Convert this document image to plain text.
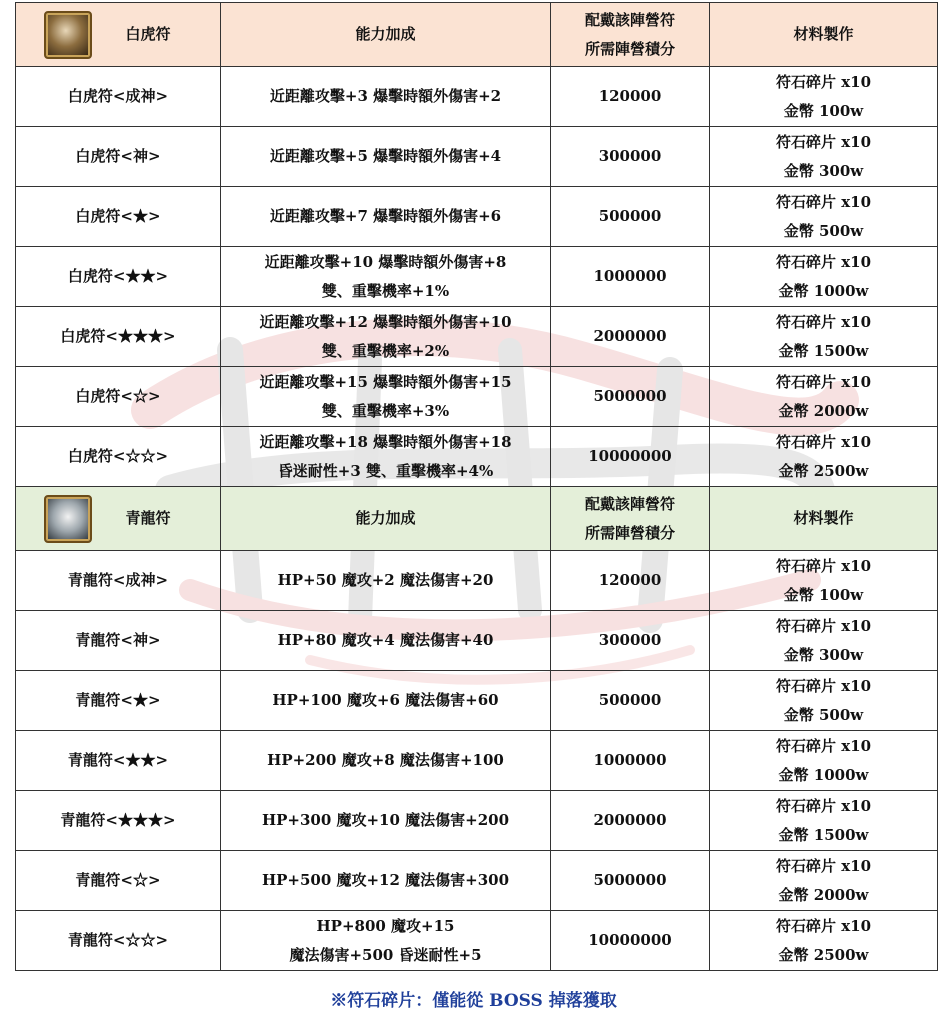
白虎符	能力加成	配戴該陣營符
所需陣營積分	材料製作
白虎符<成神>	近距離攻擊+3 爆擊時額外傷害+2	120000	符石碎片 x10
金幣 100w

白虎符<神>	近距離攻擊+5 爆擊時額外傷害+4	300000	符石碎片 x10
金幣 300w

白虎符<★>	近距離攻擊+7 爆擊時額外傷害+6	500000	符石碎片 x10
金幣 500w

白虎符<★★>	近距離攻擊+10 爆擊時額外傷害+8
雙、重擊機率+1%	1000000	符石碎片 x10
金幣 1000w

白虎符<★★★>	近距離攻擊+12 爆擊時額外傷害+10
雙、重擊機率+2%	2000000	符石碎片 x10
金幣 1500w

白虎符<☆>	近距離攻擊+15 爆擊時額外傷害+15
雙、重擊機率+3%	5000000	符石碎片 x10
金幣 2000w

白虎符<☆☆>	近距離攻擊+18 爆擊時額外傷害+18
昏迷耐性+3 雙、重擊機率+4%	10000000	符石碎片 x10
金幣 2500w

青龍符	能力加成	配戴該陣營符
所需陣營積分	材料製作
青龍符<成神>	HP+50 魔攻+2 魔法傷害+20	120000	符石碎片 x10
金幣 100w

青龍符<神>	HP+80 魔攻+4 魔法傷害+40	300000	符石碎片 x10
金幣 300w

青龍符<★>	HP+100 魔攻+6 魔法傷害+60	500000	符石碎片 x10
金幣 500w

青龍符<★★>	HP+200 魔攻+8 魔法傷害+100	1000000	符石碎片 x10
金幣 1000w

青龍符<★★★>	HP+300 魔攻+10 魔法傷害+200	2000000	符石碎片 x10
金幣 1500w

青龍符<☆>	HP+500 魔攻+12 魔法傷害+300	5000000	符石碎片 x10
金幣 2000w

青龍符<☆☆>	HP+800 魔攻+15
魔法傷害+500 昏迷耐性+5	10000000	符石碎片 x10
金幣 2500w
※符石碎片：僅能從 BOSS 掉落獲取
